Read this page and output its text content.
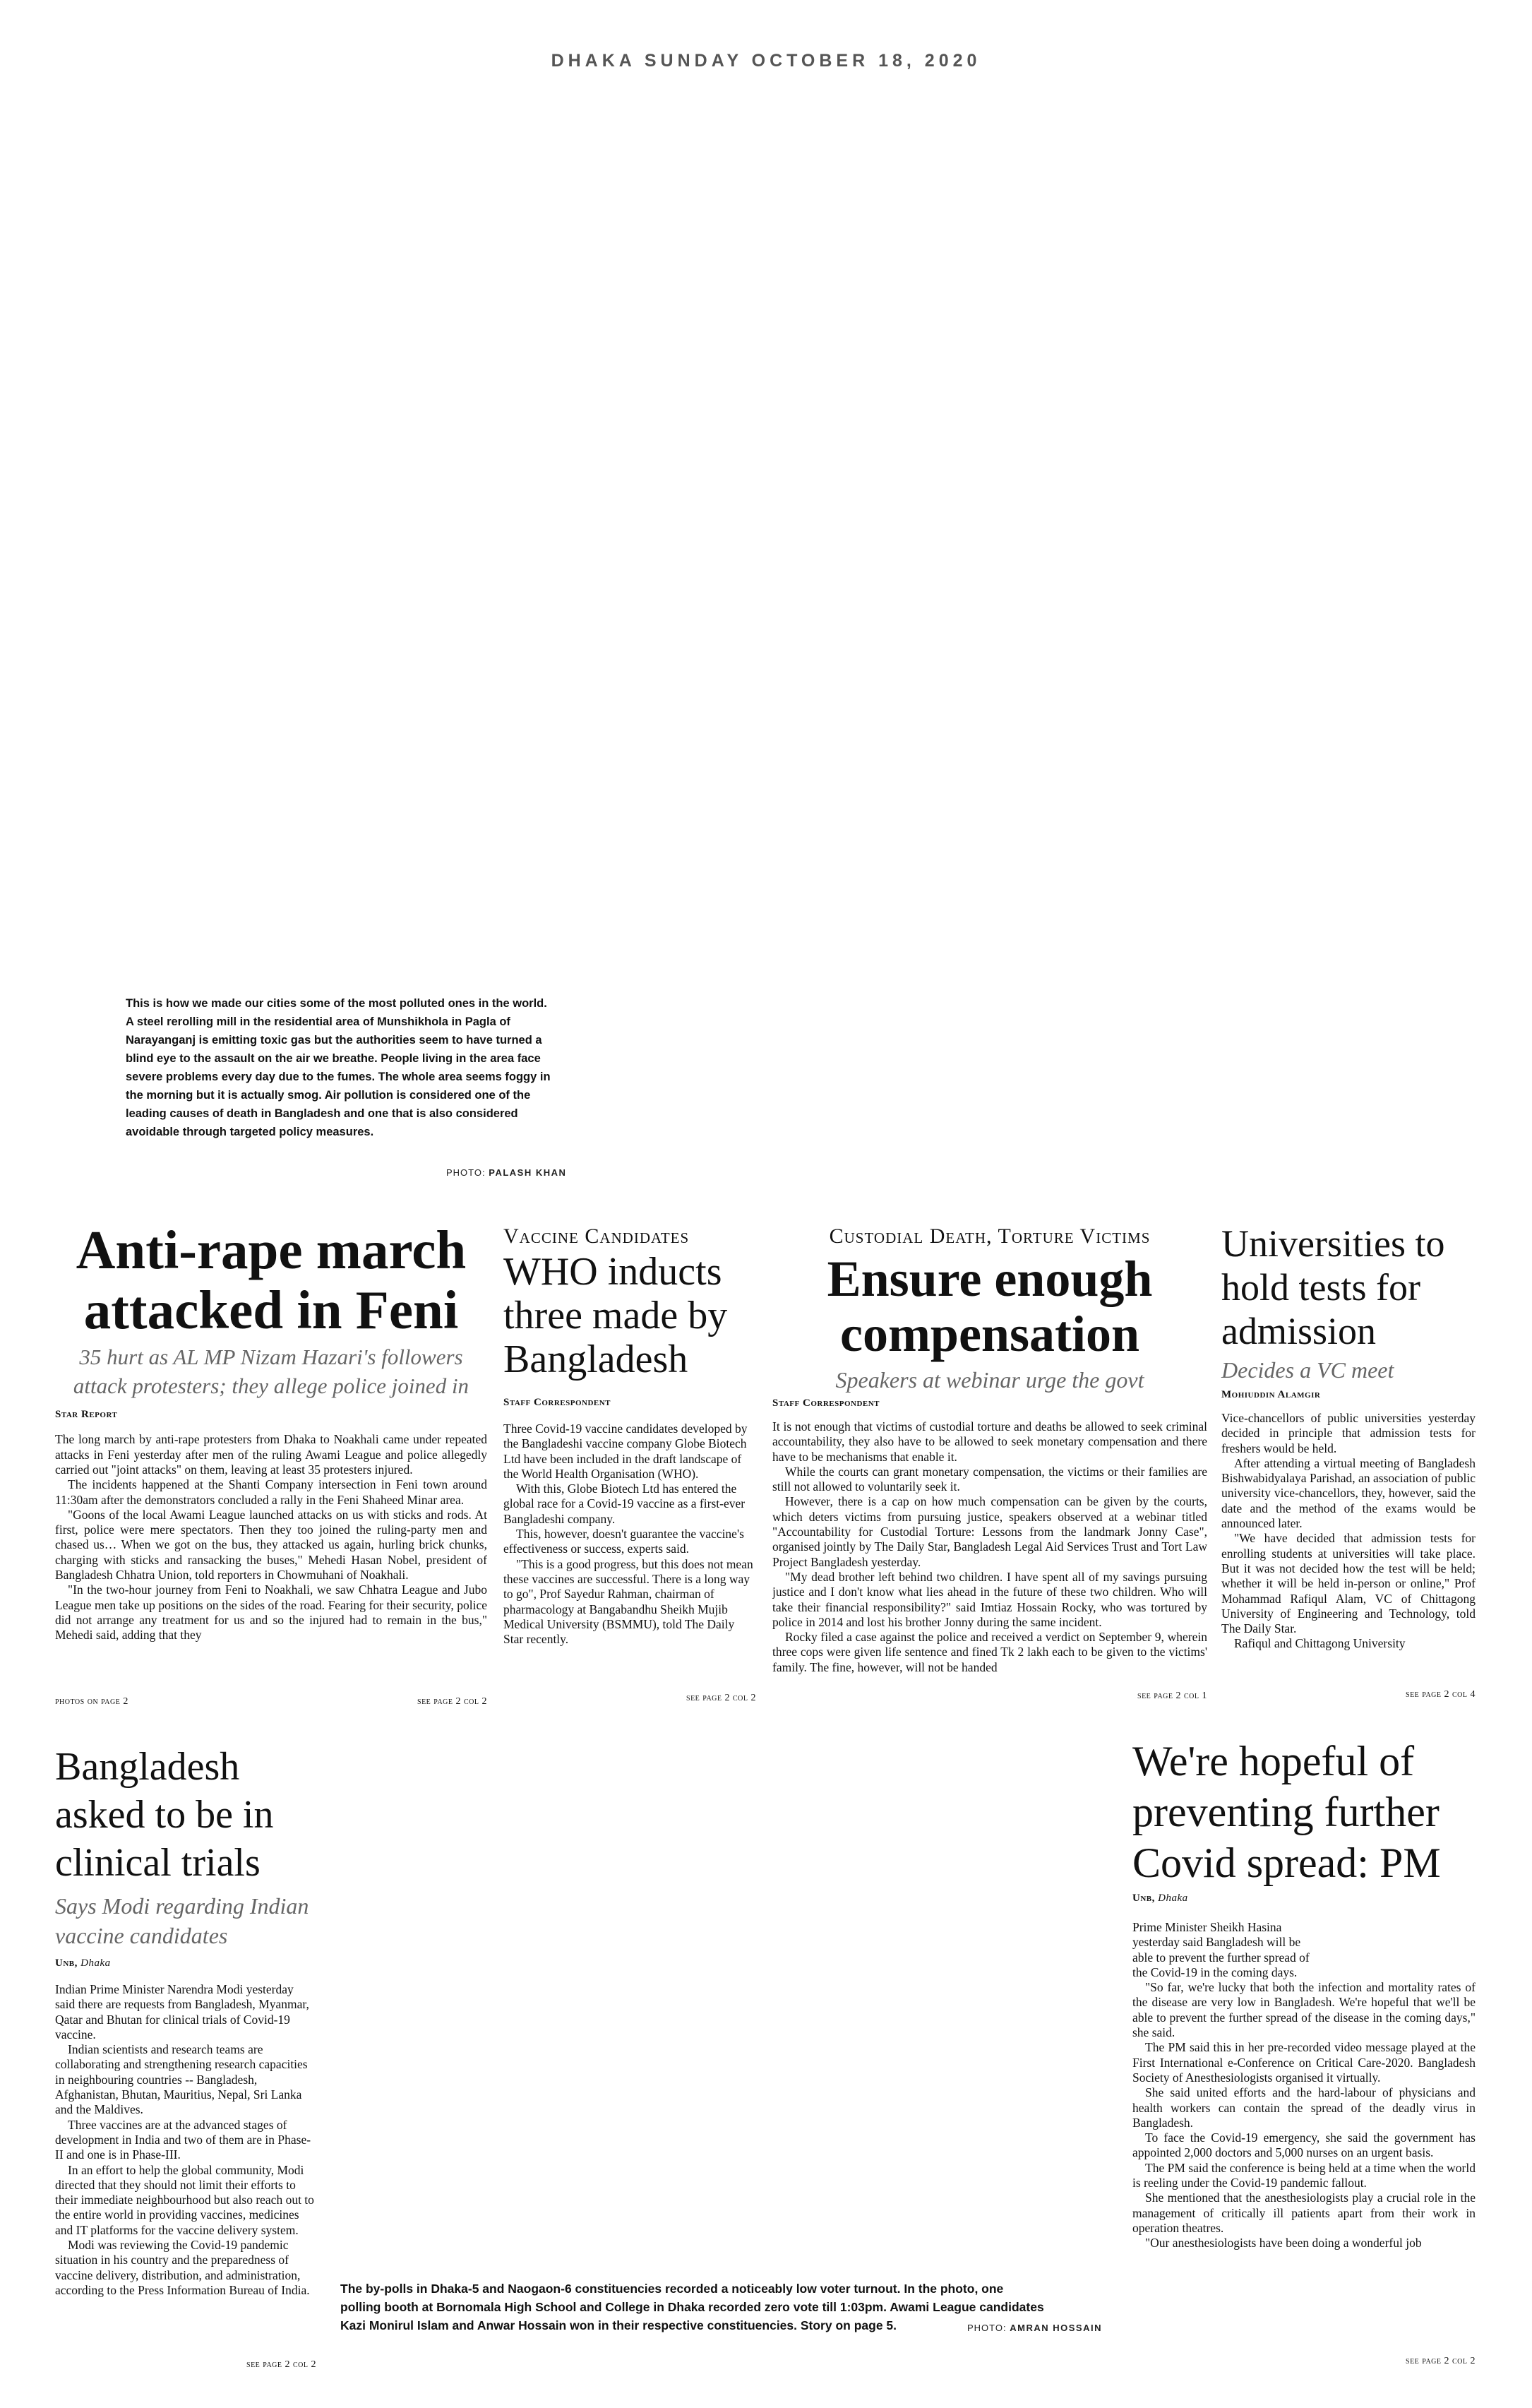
DHAKA SUNDAY OCTOBER 18, 2020
This is how we made our cities some of the most polluted ones in the world. A steel rerolling mill in the residential area of Munshikhola in Pagla of Narayanganj is emitting toxic gas but the authorities seem to have turned a blind eye to the assault on the air we breathe. People living in the area face severe problems every day due to the fumes. The whole area seems foggy in the morning but it is actually smog. Air pollution is considered one of the leading causes of death in Bangladesh and one that is also considered avoidable through targeted policy measures.
PHOTO: PALASH KHAN
Anti-rape march attacked in Feni
35 hurt as AL MP Nizam Hazari's followers attack protesters; they allege police joined in
Star Report

The long march by anti-rape protesters from Dhaka to Noakhali came under repeated attacks in Feni yesterday after men of the ruling Awami League and police allegedly carried out "joint attacks" on them, leaving at least 35 protesters injured.

The incidents happened at the Shanti Company intersection in Feni town around 11:30am after the demonstrators concluded a rally in the Feni Shaheed Minar area.

"Goons of the local Awami League launched attacks on us with sticks and rods. At first, police were mere spectators. Then they too joined the ruling-party men and chased us… When we got on the bus, they attacked us again, hurling brick chunks, charging with sticks and ransacking the buses," Mehedi Hasan Nobel, president of Bangladesh Chhatra Union, told reporters in Chowmuhani of Noakhali.

"In the two-hour journey from Feni to Noakhali, we saw Chhatra League and Jubo League men take up positions on the sides of the road. Fearing for their security, police did not arrange any treatment for us and so the injured had to remain in the bus," Mehedi said, adding that they

photos on page 2	see page 2 col 2
Vaccine Candidates
WHO inducts three made by Bangladesh
Staff Correspondent

Three Covid-19 vaccine candidates developed by the Bangladeshi vaccine company Globe Biotech Ltd have been included in the draft landscape of the World Health Organisation (WHO).

With this, Globe Biotech Ltd has entered the global race for a Covid-19 vaccine as a first-ever Bangladeshi company.

This, however, doesn't guarantee the vaccine's effectiveness or success, experts said.

"This is a good progress, but this does not mean these vaccines are successful. There is a long way to go", Prof Sayedur Rahman, chairman of pharmacology at Bangabandhu Sheikh Mujib Medical University (BSMMU), told The Daily Star recently.

see page 2 col 2
Custodial Death, Torture Victims
Ensure enough compensation
Speakers at webinar urge the govt
Staff Correspondent

It is not enough that victims of custodial torture and deaths be allowed to seek criminal accountability, they also have to be allowed to seek monetary compensation and there have to be mechanisms that enable it.

While the courts can grant monetary compensation, the victims or their families are still not allowed to voluntarily seek it.

However, there is a cap on how much compensation can be given by the courts, which deters victims from pursuing justice, speakers observed at a webinar titled "Accountability for Custodial Torture: Lessons from the landmark Jonny Case", organised jointly by The Daily Star, Bangladesh Legal Aid Services Trust and Tort Law Project Bangladesh yesterday.

"My dead brother left behind two children. I have spent all of my savings pursuing justice and I don't know what lies ahead in the future of these two children. Who will take their financial responsibility?" said Imtiaz Hossain Rocky, who was tortured by police in 2014 and lost his brother Jonny during the same incident.

Rocky filed a case against the police and received a verdict on September 9, wherein three cops were given life sentence and fined Tk 2 lakh each to be given to the victims' family. The fine, however, will not be handed

see page 2 col 1
Universities to hold tests for admission
Decides a VC meet
Mohiuddin Alamgir

Vice-chancellors of public universities yesterday decided in principle that admission tests for freshers would be held.

After attending a virtual meeting of Bangladesh Bishwabidyalaya Parishad, an association of public university vice-chancellors, they, however, said the date and the method of the exams would be announced later.

"We have decided that admission tests for enrolling students at universities will take place. But it was not decided how the test will be held; whether it will be held in-person or online," Prof Mohammad Rafiqul Alam, VC of Chittagong University of Engineering and Technology, told The Daily Star.

Rafiqul and Chittagong University

see page 2 col 4
Bangladesh asked to be in clinical trials
Says Modi regarding Indian vaccine candidates
Unb, Dhaka

Indian Prime Minister Narendra Modi yesterday said there are requests from Bangladesh, Myanmar, Qatar and Bhutan for clinical trials of Covid-19 vaccine.

Indian scientists and research teams are collaborating and strengthening research capacities in neighbouring countries -- Bangladesh, Afghanistan, Bhutan, Mauritius, Nepal, Sri Lanka and the Maldives.

Three vaccines are at the advanced stages of development in India and two of them are in Phase-II and one is in Phase-III.

In an effort to help the global community, Modi directed that they should not limit their efforts to their immediate neighbourhood but also reach out to the entire world in providing vaccines, medicines and IT platforms for the vaccine delivery system.

Modi was reviewing the Covid-19 pandemic situation in his country and the preparedness of vaccine delivery, distribution, and administration, according to the Press Information Bureau of India.

see page 2 col 2
The by-polls in Dhaka-5 and Naogaon-6 constituencies recorded a noticeably low voter turnout. In the photo, one polling booth at Bornomala High School and College in Dhaka recorded zero vote till 1:03pm. Awami League candidates Kazi Monirul Islam and Anwar Hossain won in their respective constituencies. Story on page 5.	PHOTO: AMRAN HOSSAIN
We're hopeful of preventing further Covid spread: PM
Unb, Dhaka

Prime Minister Sheikh Hasina yesterday said Bangladesh will be able to prevent the further spread of the Covid-19 in the coming days.

"So far, we're lucky that both the infection and mortality rates of the disease are very low in Bangladesh. We're hopeful that we'll be able to prevent the further spread of the disease in the coming days," she said.

The PM said this in her pre-recorded video message played at the First International e-Conference on Critical Care-2020. Bangladesh Society of Anesthesiologists organised it virtually.

She said united efforts and the hard-labour of physicians and health workers can contain the spread of the deadly virus in Bangladesh.

To face the Covid-19 emergency, she said the government has appointed 2,000 doctors and 5,000 nurses on an urgent basis.

The PM said the conference is being held at a time when the world is reeling under the Covid-19 pandemic fallout.

She mentioned that the anesthesiologists play a crucial role in the management of critically ill patients apart from their work in operation theatres.

"Our anesthesiologists have been doing a wonderful job

see page 2 col 2
